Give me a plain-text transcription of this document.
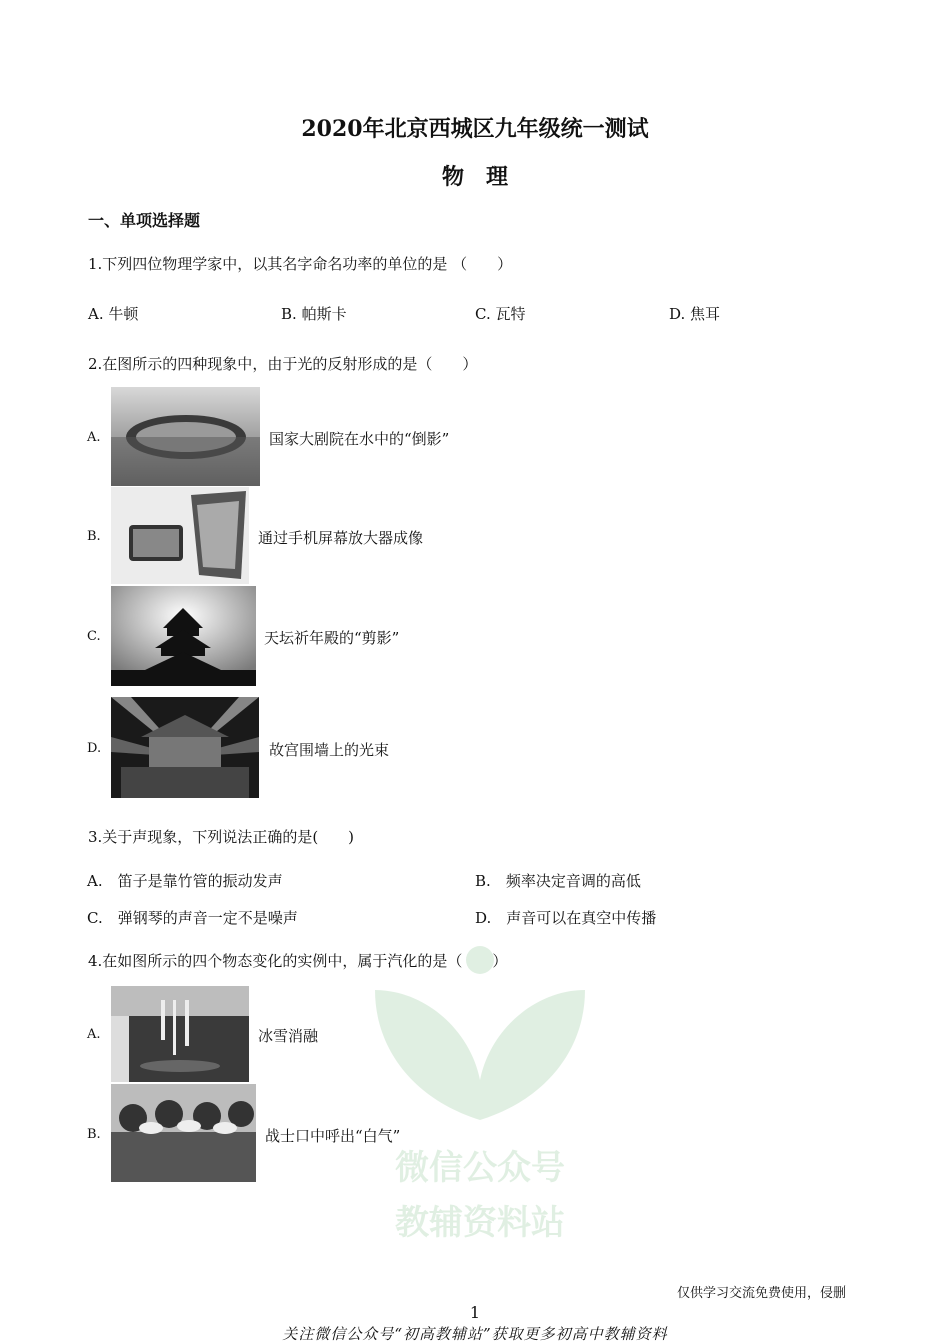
微信公众号
教辅资料站
2020年北京西城区九年级统一测试
物　理
一、单项选择题
1.下列四位物理学家中，以其名字命名功率的单位的是 （　　）
A. 牛顿	B. 帕斯卡	C. 瓦特	D. 焦耳
2.在图所示的四种现象中，由于光的反射形成的是（　　）
A.	国家大剧院在水中的“倒影”
B.	通过手机屏幕放大器成像
C.	天坛祈年殿的“剪影”
D.	故宫围墙上的光束
3.关于声现象，下列说法正确的是(　　)
A.　 笛子是靠竹管的振动发声	B.　 频率决定音调的高低
C.　 弹钢琴的声音一定不是噪声	D.　 声音可以在真空中传播
4.在如图所示的四个物态变化的实例中，属于汽化的是（　　）
A.	冰雪消融
B.	战士口中呼出“白气”
仅供学习交流免费使用，侵删
1
关注微信公众号“初高教辅站”获取更多初高中教辅资料
